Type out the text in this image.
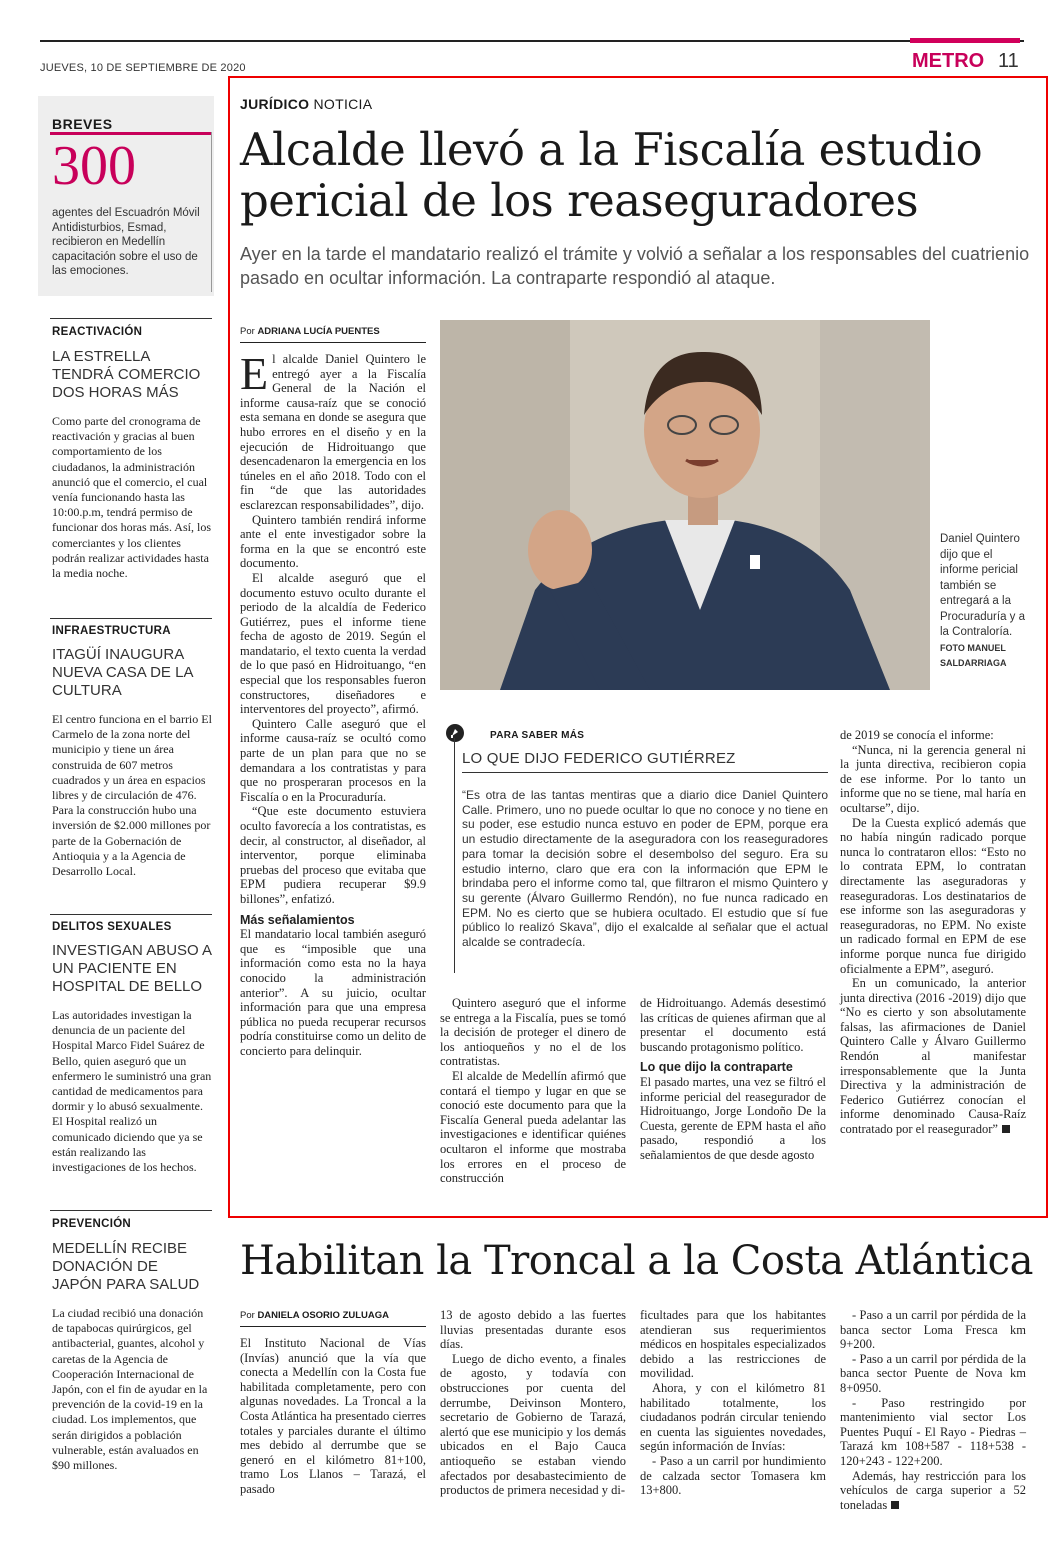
JUEVES, 10 DE SEPTIEMBRE DE 2020	METRO 11
BREVES
300
agentes del Escuadrón Móvil Antidisturbios, Esmad, recibieron en Medellín capacitación sobre el uso de las emociones.
REACTIVACIÓN
LA ESTRELLA TENDRÁ COMERCIO DOS HORAS MÁS
Como parte del cronograma de reactivación y gracias al buen comportamiento de los ciudadanos, la administración anunció que el comercio, el cual venía funcionando hasta las 10:00.p.m, tendrá permiso de funcionar dos horas más. Así, los comerciantes y los clientes podrán realizar actividades hasta la media noche.
INFRAESTRUCTURA
ITAGÜÍ INAUGURA NUEVA CASA DE LA CULTURA
El centro funciona en el barrio El Carmelo de la zona norte del municipio y tiene un área construida de 607 metros cuadrados y un área en espacios libres y de circulación de 476. Para la construcción hubo una inversión de $2.000 millones por parte de la Gobernación de Antioquia y a la Agencia de Desarrollo Local.
DELITOS SEXUALES
INVESTIGAN ABUSO A UN PACIENTE EN HOSPITAL DE BELLO
Las autoridades investigan la denuncia de un paciente del Hospital Marco Fidel Suárez de Bello, quien aseguró que un enfermero le suministró una gran cantidad de medicamentos para dormir y lo abusó sexualmente. El Hospital realizó un comunicado diciendo que ya se están realizando las investigaciones de los hechos.
PREVENCIÓN
MEDELLÍN RECIBE DONACIÓN DE JAPÓN PARA SALUD
La ciudad recibió una donación de tapabocas quirúrgicos, gel antibacterial, guantes, alcohol y caretas de la Agencia de Cooperación Internacional de Japón, con el fin de ayudar en la prevención de la covid-19 en la ciudad. Los implementos, que serán dirigidos a población vulnerable, están avaluados en $90 millones.
JURÍDICO NOTICIA
Alcalde llevó a la Fiscalía estudio pericial de los reaseguradores
Ayer en la tarde el mandatario realizó el trámite y volvió a señalar a los responsables del cuatrienio pasado en ocultar información. La contraparte respondió al ataque.
Por ADRIANA LUCÍA PUENTES

El alcalde Daniel Quintero le entregó ayer a la Fiscalía General de la Nación el informe causa-raíz que se conoció esta semana en donde se asegura que hubo errores en el diseño y en la ejecución de Hidroituango que desencadenaron la emergencia en los túneles en el año 2018. Todo con el fin “de que las autoridades esclarezcan responsabilidades”, dijo.

Quintero también rendirá informe ante el ente investigador sobre la forma en la que se encontró este documento.

El alcalde aseguró que el documento estuvo oculto durante el periodo de la alcaldía de Federico Gutiérrez, pues el informe tiene fecha de agosto de 2019. Según el mandatario, el texto cuenta la verdad de lo que pasó en Hidroituango, “en especial que los responsables fueron constructores, diseñadores e interventores del proyecto”, afirmó.

Quintero Calle aseguró que el informe causa-raíz se ocultó como parte de un plan para que no se demandara a los contratistas y para que no prosperaran procesos en la Fiscalía o en la Procuraduría.

“Que este documento estuviera oculto favorecía a los contratistas, es decir, al constructor, al diseñador, al interventor, porque eliminaba pruebas del proceso que evitaba que EPM pudiera recuperar $9.9 billones”, enfatizó.

Más señalamientos

El mandatario local también aseguró que es “imposible que una información como esta no la haya conocido la administración anterior”. A su juicio, ocultar información para que una empresa pública no pueda recuperar recursos podría constituirse como un delito de concierto para delinquir.

Daniel Quintero dijo que el informe pericial también se entregará a la Procuraduría y a la Contraloría. FOTO MANUEL SALDARRIAGA
PARA SABER MÁS
LO QUE DIJO FEDERICO GUTIÉRREZ
“Es otra de las tantas mentiras que a diario dice Daniel Quintero Calle. Primero, uno no puede ocultar lo que no conoce y no tiene en su poder, ese estudio nunca estuvo en poder de EPM, porque era un estudio directamente de la aseguradora con los reaseguradores para tomar la decisión sobre el desembolso del seguro. Era su estudio interno, claro que era con la información que EPM le brindaba pero el informe como tal, que filtraron el mismo Quintero y su gerente (Álvaro Guillermo Rendón), no fue nunca radicado en EPM. No es cierto que se hubiera ocultado. El estudio que sí fue público lo realizó Skava”, dijo el exalcalde al señalar que el actual alcalde se contradecía.

Quintero aseguró que el informe se entrega a la Fiscalía, pues se tomó la decisión de proteger el dinero de los antioqueños y no el de los contratistas.

El alcalde de Medellín afirmó que contará el tiempo y lugar en que se conoció este documento para que la Fiscalía General pueda adelantar las investigaciones e identificar quiénes ocultaron el informe que mostraba los errores en el proceso de construcción

de Hidroituango. Además desestimó las críticas de quienes afirman que al presentar el documento está buscando protagonismo político.

Lo que dijo la contraparte

El pasado martes, una vez se filtró el informe pericial del reasegurador de Hidroituango, Jorge Londoño De la Cuesta, gerente de EPM hasta el año pasado, respondió a los señalamientos de que desde agosto

de 2019 se conocía el informe:

“Nunca, ni la gerencia general ni la junta directiva, recibieron copia de ese informe. Por lo tanto un informe que no se tiene, mal haría en ocultarse”, dijo.

De la Cuesta explicó además que no había ningún radicado porque nunca lo contrataron ellos: “Esto no lo contrata EPM, lo contratan directamente las aseguradoras y reaseguradoras. Los destinatarios de ese informe son las aseguradoras y reaseguradoras, no EPM. No existe un radicado formal en EPM de ese informe porque nunca fue dirigido oficialmente a EPM”, aseguró.

En un comunicado, la anterior junta directiva (2016 -2019) dijo que “No es cierto y son absolutamente falsas, las afirmaciones de Daniel Quintero Calle y Álvaro Guillermo Rendón al manifestar irresponsablemente que la Junta Directiva y la administración de Federico Gutiérrez conocían el informe denominado Causa-Raíz contratado por el reasegurador”

Habilitan la Troncal a la Costa Atlántica
Por DANIELA OSORIO ZULUAGA

El Instituto Nacional de Vías (Invías) anunció que la vía que conecta a Medellín con la Costa fue habilitada completamente, pero con algunas novedades. La Troncal a la Costa Atlántica ha presentado cierres totales y parciales durante el último mes debido al derrumbe que se generó en el kilómetro 81+100, tramo Los Llanos – Tarazá, el pasado

13 de agosto debido a las fuertes lluvias presentadas durante esos días.

Luego de dicho evento, a finales de agosto, y todavía con obstrucciones por cuenta del derrumbe, Deivinson Montero, secretario de Gobierno de Tarazá, alertó que ese municipio y los demás ubicados en el Bajo Cauca antioqueño se estaban viendo afectados por desabastecimiento de productos de primera necesidad y di-

ficultades para que los habitantes atendieran sus requerimientos médicos en hospitales especializados debido a las restricciones de movilidad.

Ahora, y con el kilómetro 81 habilitado totalmente, los ciudadanos podrán circular teniendo en cuenta las siguientes novedades, según información de Invías:

- Paso a un carril por hundimiento de calzada sector Tomasera km 13+800.

- Paso a un carril por pérdida de la banca sector Loma Fresca km 9+200.

- Paso a un carril por pérdida de la banca sector Puente de Nova km 8+0950.

- Paso restringido por mantenimiento vial sector Los Puentes Puquí - El Rayo - Piedras – Tarazá km 108+587 - 118+538 - 120+243 - 122+200.

Además, hay restricción para los vehículos de carga superior a 52 toneladas
